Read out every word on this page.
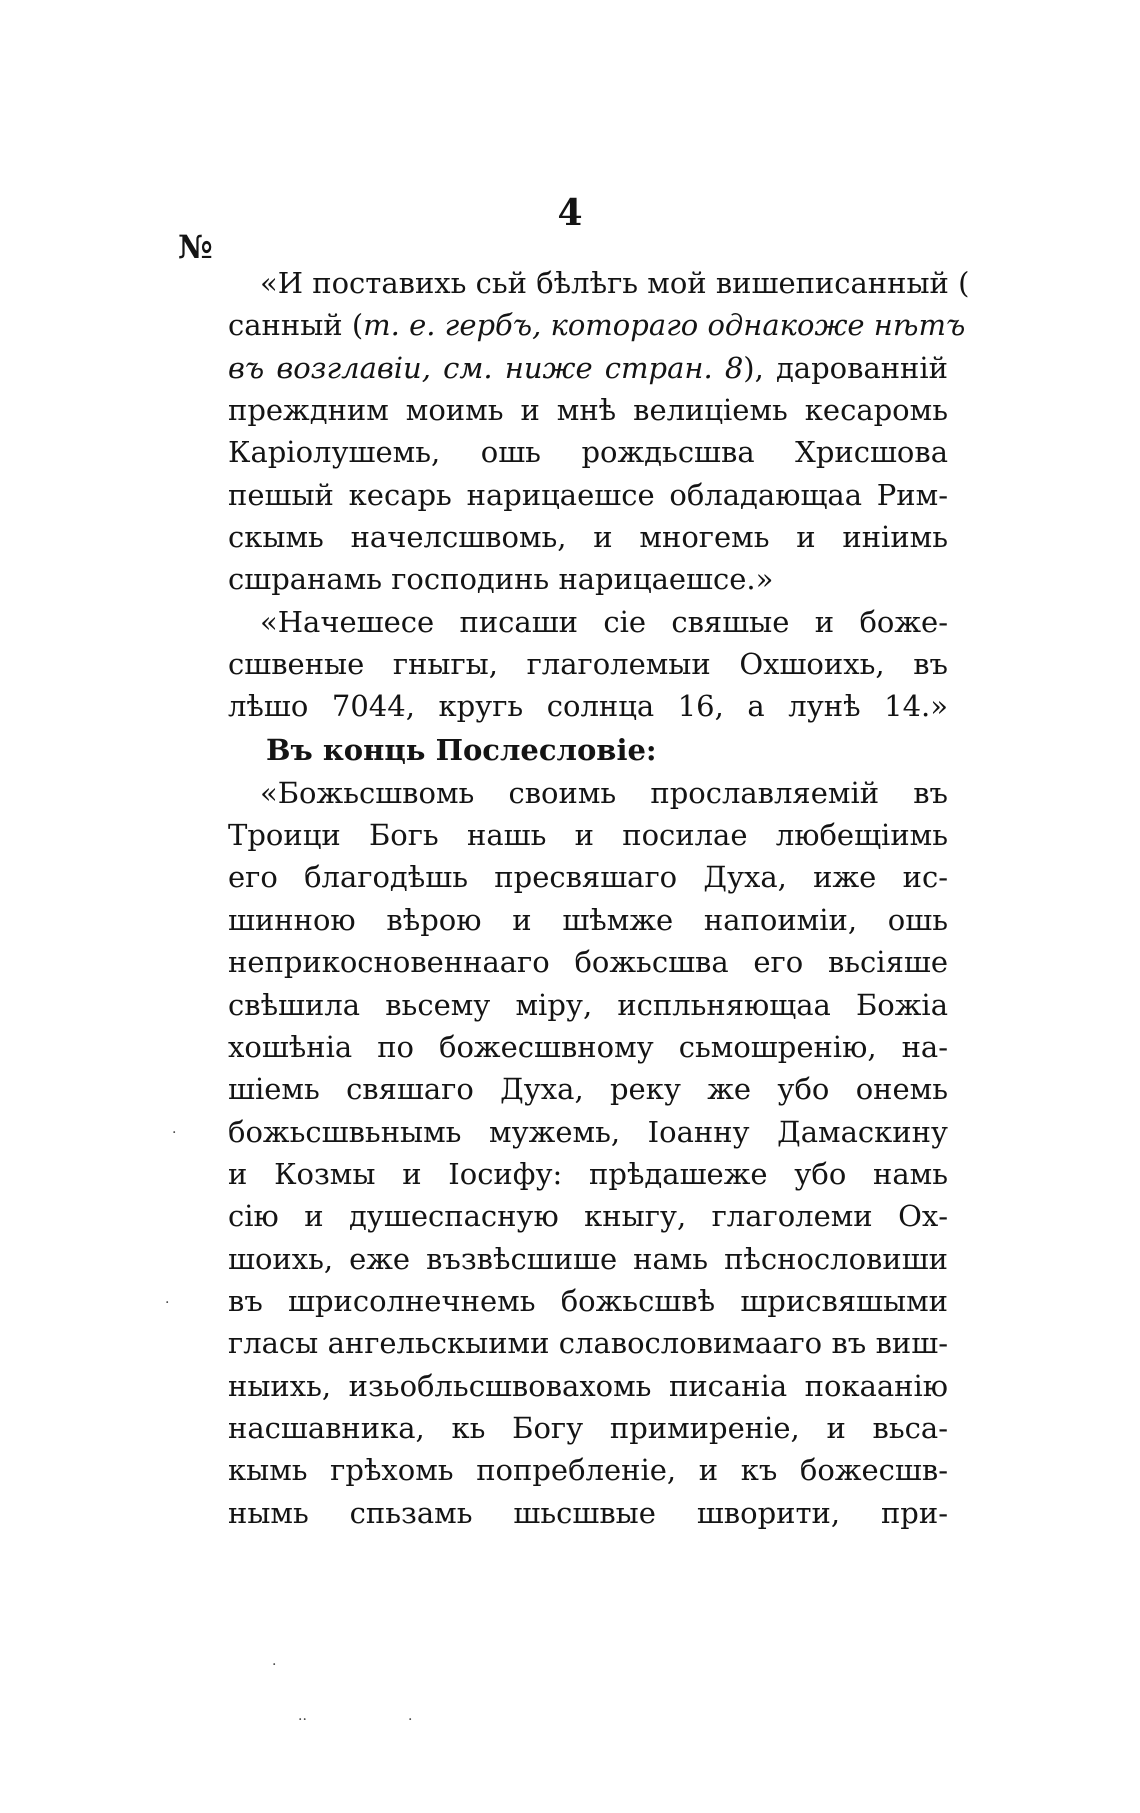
4
№
«И поставихь сьй бѣлѣгь мой вишеписанный (
санный (т. е. гербъ, котораго однакоже нѣтъ
въ возглавіи, см. ниже стран. 8), дарованній
преждним моимь и мнѣ велиціемь кесаромь
Каріолушемь, ошь рождьсшва Хрисшова
пешый кесарь нарицаешсе обладающаа Рим-
скымь начелсшвомь, и многемь и иніимь
сшранамь господинь нарицаешсе.»
«Начешесе писаши сіе свяшые и боже-
сшвеные гныгы, глаголемыи Охшоихь, въ
лѣшо 7044, кругь солнца 16, а лунѣ 14.»
Въ конць Послесловіе:
«Божьсшвомь своимь прославляемій въ
Троици Богь нашь и посилае любещіимь
его благодѣшь пресвяшаго Духа, иже ис-
шинною вѣрою и шѣмже напоиміи, ошь
неприкосновеннааго божьсшва его вьсіяше
свѣшила вьсему міру, испльняющаа Божіа
хошѣніа по божесшвному сьмошренію, на-
шіемь свяшаго Духа, реку же убо онемь
божьсшвьнымь мужемь, Іоанну Дамаскину
и Козмы и Іосифу: прѣдашеже убо намь
сію и душеспасную кныгу, глаголеми Ох-
шоихь, еже възвѣсшише намь пѣснословиши
въ шрисолнечнемь божьсшвѣ шрисвяшыми
гласы ангельскыими славословимааго въ виш-
ныихь, изьобльсшвовахомь писаніа покаанію
насшавника, кь Богу примиреніе, и вьса-
кымь грѣхомь попребленіе, и къ божесшв-
нымь спьзамь шьсшвые шворити, при-
·
··	·
·
·
